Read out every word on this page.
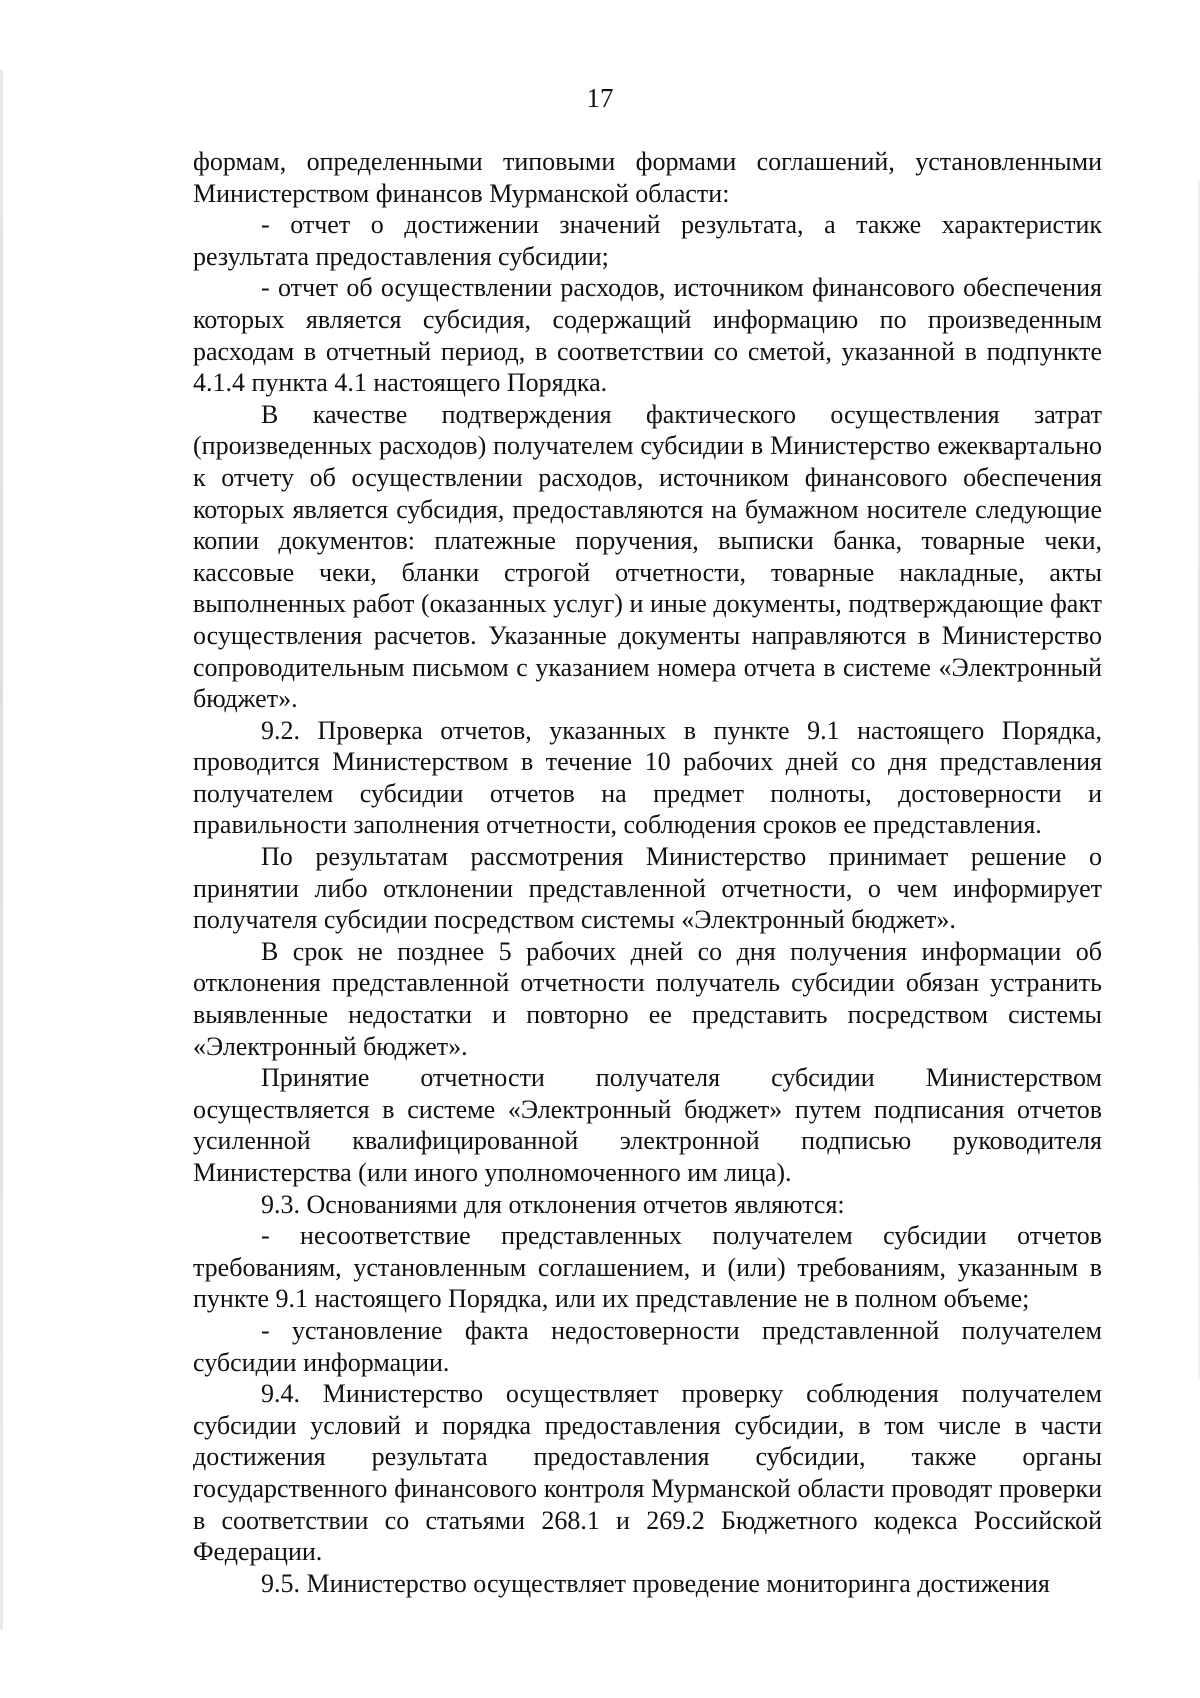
17

формам, определенными типовыми формами соглашений, установленными Министерством финансов Мурманской области:

- отчет о достижении значений результата, а также характеристик результата предоставления субсидии;

- отчет об осуществлении расходов, источником финансового обеспечения которых является субсидия, содержащий информацию по произведенным расходам в отчетный период, в соответствии со сметой, указанной в подпункте 4.1.4 пункта 4.1 настоящего Порядка.

В качестве подтверждения фактического осуществления затрат (произведенных расходов) получателем субсидии в Министерство ежеквартально к отчету об осуществлении расходов, источником финансового обеспечения которых является субсидия, предоставляются на бумажном носителе следующие копии документов: платежные поручения, выписки банка, товарные чеки, кассовые чеки, бланки строгой отчетности, товарные накладные, акты выполненных работ (оказанных услуг) и иные документы, подтверждающие факт осуществления расчетов. Указанные документы направляются в Министерство сопроводительным письмом с указанием номера отчета в системе «Электронный бюджет».

9.2. Проверка отчетов, указанных в пункте 9.1 настоящего Порядка, проводится Министерством в течение 10 рабочих дней со дня представления получателем субсидии отчетов на предмет полноты, достоверности и правильности заполнения отчетности, соблюдения сроков ее представления.

По результатам рассмотрения Министерство принимает решение о принятии либо отклонении представленной отчетности, о чем информирует получателя субсидии посредством системы «Электронный бюджет».

В срок не позднее 5 рабочих дней со дня получения информации об отклонения представленной отчетности получатель субсидии обязан устранить выявленные недостатки и повторно ее представить посредством системы «Электронный бюджет».

Принятие отчетности получателя субсидии Министерством осуществляется в системе «Электронный бюджет» путем подписания отчетов усиленной квалифицированной электронной подписью руководителя Министерства (или иного уполномоченного им лица).

9.3. Основаниями для отклонения отчетов являются:

- несоответствие представленных получателем субсидии отчетов требованиям, установленным соглашением, и (или) требованиям, указанным в пункте 9.1 настоящего Порядка, или их представление не в полном объеме;

- установление факта недостоверности представленной получателем субсидии информации.

9.4. Министерство осуществляет проверку соблюдения получателем субсидии условий и порядка предоставления субсидии, в том числе в части достижения результата предоставления субсидии, также органы государственного финансового контроля Мурманской области проводят проверки в соответствии со статьями 268.1 и 269.2 Бюджетного кодекса Российской Федерации.

9.5. Министерство осуществляет проведение мониторинга достижения
